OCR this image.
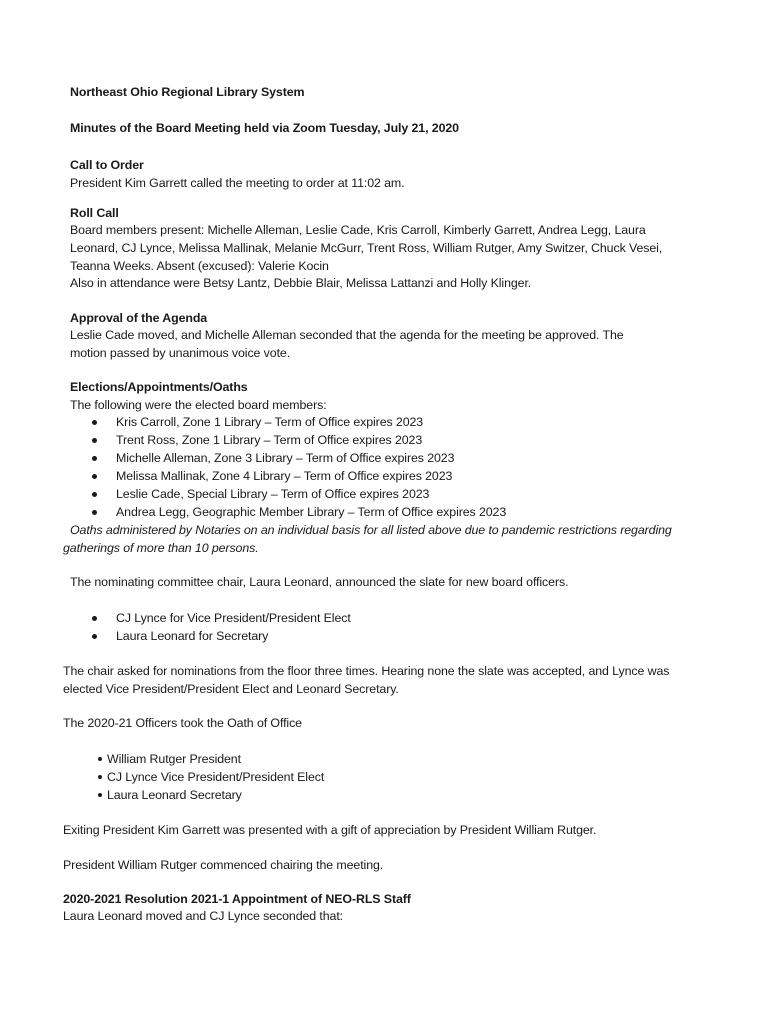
Northeast Ohio Regional Library System
Minutes of the Board Meeting held via Zoom Tuesday, July 21, 2020
Call to Order
President Kim Garrett called the meeting to order at 11:02 am.
Roll Call
Board members present: Michelle Alleman, Leslie Cade, Kris Carroll, Kimberly Garrett, Andrea Legg, Laura
Leonard, CJ Lynce, Melissa Mallinak, Melanie McGurr, Trent Ross, William Rutger, Amy Switzer, Chuck Vesei,
Teanna Weeks. Absent (excused): Valerie Kocin
Also in attendance were Betsy Lantz, Debbie Blair, Melissa Lattanzi and Holly Klinger.
Approval of the Agenda
Leslie Cade moved, and Michelle Alleman seconded that the agenda for the meeting be approved. The
motion passed by unanimous voice vote.
Elections/Appointments/Oaths
The following were the elected board members:
Kris Carroll, Zone 1 Library – Term of Office expires 2023
Trent Ross, Zone 1 Library – Term of Office expires 2023
Michelle Alleman, Zone 3 Library – Term of Office expires 2023
Melissa Mallinak, Zone 4 Library – Term of Office expires 2023
Leslie Cade, Special Library – Term of Office expires 2023
Andrea Legg, Geographic Member Library – Term of Office expires 2023
Oaths administered by Notaries on an individual basis for all listed above due to pandemic restrictions regarding
gatherings of more than 10 persons.
The nominating committee chair, Laura Leonard, announced the slate for new board officers.
CJ Lynce for Vice President/President Elect
Laura Leonard for Secretary
The chair asked for nominations from the floor three times. Hearing none the slate was accepted, and Lynce was
elected Vice President/President Elect and Leonard Secretary.
The 2020-21 Officers took the Oath of Office
William Rutger President
CJ Lynce Vice President/President Elect
Laura Leonard Secretary
Exiting President Kim Garrett was presented with a gift of appreciation by President William Rutger.
President William Rutger commenced chairing the meeting.
2020-2021 Resolution 2021-1 Appointment of NEO-RLS Staff
Laura Leonard moved and CJ Lynce seconded that:
